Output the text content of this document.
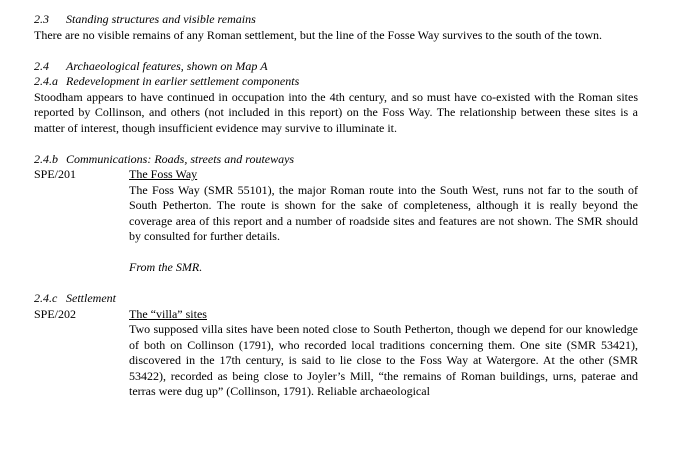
2.3 Standing structures and visible remains

There are no visible remains of any Roman settlement, but the line of the Fosse Way survives to the south of the town.

2.4 Archaeological features, shown on Map A
2.4.a Redevelopment in earlier settlement components

Stoodham appears to have continued in occupation into the 4th century, and so must have co-existed with the Roman sites reported by Collinson, and others (not included in this report) on the Foss Way. The relationship between these sites is a matter of interest, though insufficient evidence may survive to illuminate it.

2.4.b Communications: Roads, streets and routeways
SPE/201	The Foss Way

The Foss Way (SMR 55101), the major Roman route into the South West, runs not far to the south of South Petherton. The route is shown for the sake of completeness, although it is really beyond the coverage area of this report and a number of roadside sites and features are not shown. The SMR should by consulted for further details.

From the SMR.
2.4.c Settlement
SPE/202	The “villa” sites

Two supposed villa sites have been noted close to South Petherton, though we depend for our knowledge of both on Collinson (1791), who recorded local traditions concerning them. One site (SMR 53421), discovered in the 17th century, is said to lie close to the Foss Way at Watergore. At the other (SMR 53422), recorded as being close to Joyler’s Mill, “the remains of Roman buildings, urns, paterae and terras were dug up” (Collinson, 1791). Reliable archaeological
